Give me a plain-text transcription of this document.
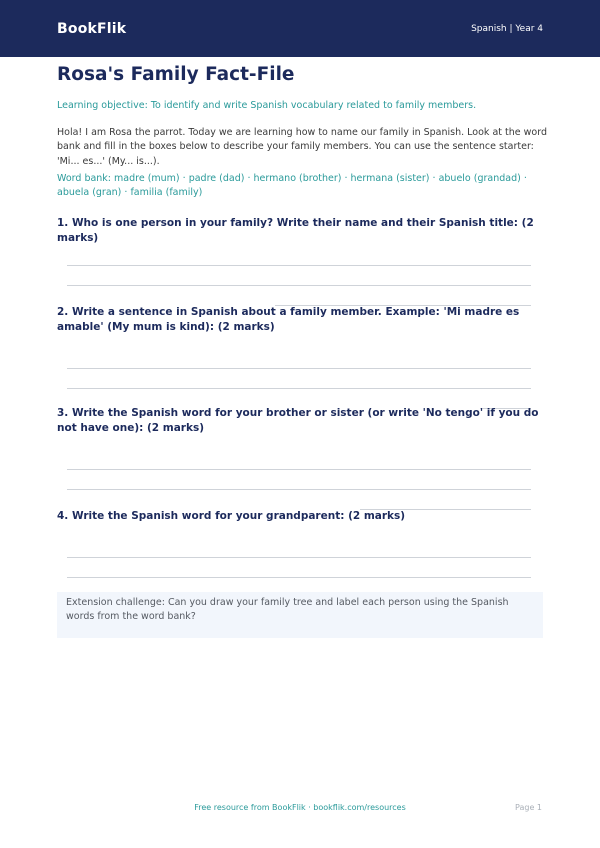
BookFlik	Spanish | Year 4
Rosa's Family Fact-File
Learning objective: To identify and write Spanish vocabulary related to family members.
Hola! I am Rosa the parrot. Today we are learning how to name our family in Spanish. Look at the word bank and fill in the boxes below to describe your family members. You can use the sentence starter: 'Mi... es...' (My... is...).
Word bank: madre (mum) · padre (dad) · hermano (brother) · hermana (sister) · abuelo (grandad) · abuela (gran) · familia (family)
1. Who is one person in your family? Write their name and their Spanish title: (2 marks)
2. Write a sentence in Spanish about a family member. Example: 'Mi madre es amable' (My mum is kind): (2 marks)
3. Write the Spanish word for your brother or sister (or write 'No tengo' if you do not have one): (2 marks)
4. Write the Spanish word for your grandparent: (2 marks)
Extension challenge: Can you draw your family tree and label each person using the Spanish words from the word bank?
Free resource from BookFlik · bookflik.com/resources	Page 1
